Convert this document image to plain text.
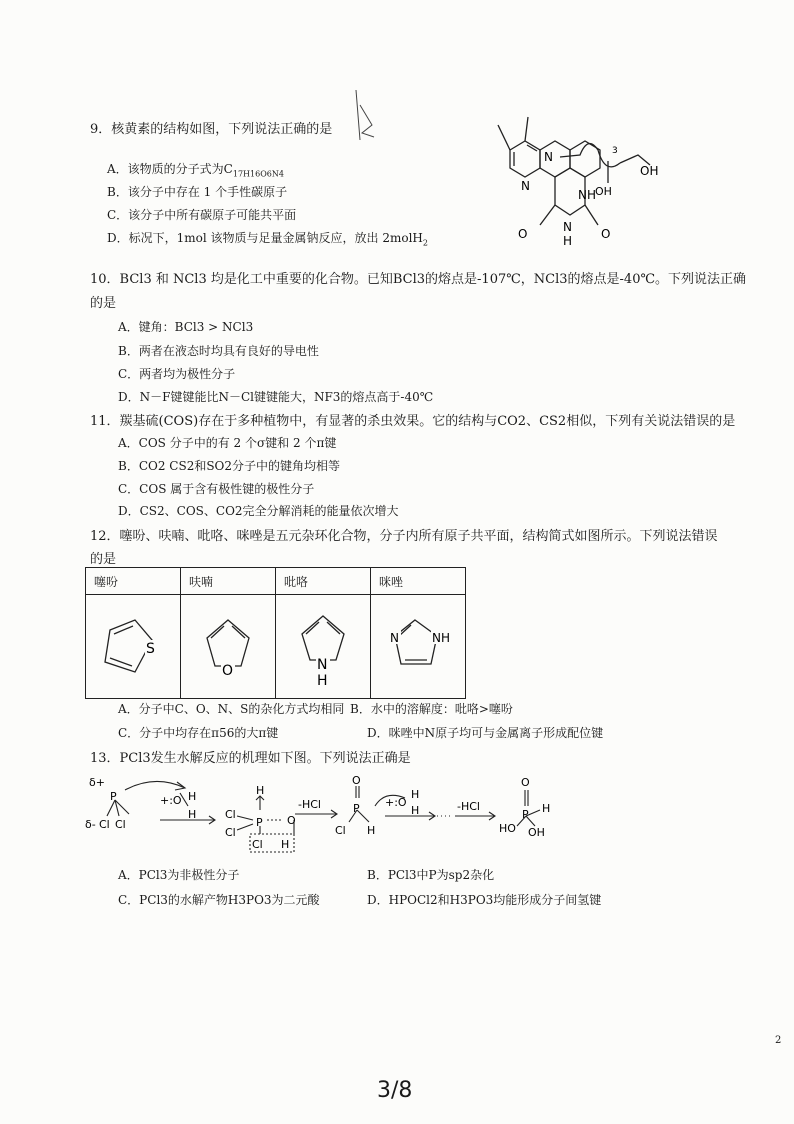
9．核黄素的结构如图，下列说法正确的是
A．该物质的分子式为$C_{17H16O6N4}$
B．该分子中存在 1 个手性碳原子
C．该分子中所有碳原子可能共平面
D．标况下，1mol 该物质与足量金属钠反应，放出 2molH$_2$
N
N
NH
N
H
O	O
OH
OH
3
10．BCl3 和 NCl3 均是化工中重要的化合物。已知BCl3的熔点是-107℃，NCl3的熔点是-40℃。下列说法正确
的是
A．键角：BCl3 > NCl3
B．两者在液态时均具有良好的导电性
C．两者均为极性分子
D．N－F键键能比N－Cl键键能大，NF3的熔点高于-40℃
11．羰基硫(COS)存在于多种植物中，有显著的杀虫效果。它的结构与CO2、CS2相似，下列有关说法错误的是
A．COS 分子中的有 2 个σ键和 2 个π键
B．CO2 CS2和SO2分子中的键角均相等
C．COS 属于含有极性键的极性分子
D．CS2、COS、CO2完全分解消耗的能量依次增大
12．噻吩、呋喃、吡咯、咪唑是五元杂环化合物，分子内所有原子共平面，结构简式如图所示。下列说法错误
的是
噻吩	呋喃	吡咯	咪唑

S	O	N
H	N NH
A．分子中C、O、N、S的杂化方式均相同 B．水中的溶解度：吡咯>噻吩
C．分子中均存在π56的大π键	D．咪唑中N原子均可与金属离子形成配位键
13．PCl3发生水解反应的机理如下图。下列说法正确是
δ+
P
δ- Cl Cl
+:O H
H
H
P
Cl
Cl
O
Cl H
-HCl
O
P
Cl H
+:O
H
H	-HCl
O
P H
HO OH
A．PCl3为非极性分子	B．PCl3中P为sp2杂化
C．PCl3的水解产物H3PO3为二元酸	D．HPOCl2和H3PO3均能形成分子间氢键
2
3/8
